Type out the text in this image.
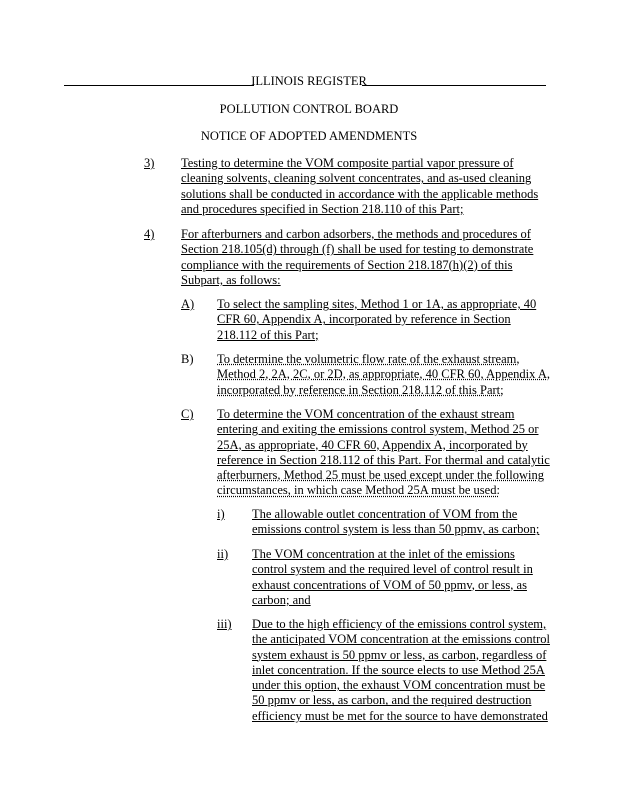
ILLINOIS REGISTER
POLLUTION CONTROL BOARD
NOTICE OF ADOPTED AMENDMENTS
3) Testing to determine the VOM composite partial vapor pressure of
cleaning solvents, cleaning solvent concentrates, and as-used cleaning
solutions shall be conducted in accordance with the applicable methods
and procedures specified in Section 218.110 of this Part;
4) For afterburners and carbon adsorbers, the methods and procedures of
Section 218.105(d) through (f) shall be used for testing to demonstrate
compliance with the requirements of Section 218.187(h)(2) of this
Subpart, as follows:
A) To select the sampling sites, Method 1 or 1A, as appropriate, 40
CFR 60, Appendix A, incorporated by reference in Section
218.112 of this Part;
B) To determine the volumetric flow rate of the exhaust stream,
Method 2, 2A, 2C, or 2D, as appropriate, 40 CFR 60, Appendix A,
incorporated by reference in Section 218.112 of this Part;
C) To determine the VOM concentration of the exhaust stream
entering and exiting the emissions control system, Method 25 or
25A, as appropriate, 40 CFR 60, Appendix A, incorporated by
reference in Section 218.112 of this Part. For thermal and catalytic
afterburners, Method 25 must be used except under the following
circumstances, in which case Method 25A must be used:
i) The allowable outlet concentration of VOM from the
emissions control system is less than 50 ppmv, as carbon;
ii) The VOM concentration at the inlet of the emissions
control system and the required level of control result in
exhaust concentrations of VOM of 50 ppmv, or less, as
carbon; and
iii) Due to the high efficiency of the emissions control system,
the anticipated VOM concentration at the emissions control
system exhaust is 50 ppmv or less, as carbon, regardless of
inlet concentration. If the source elects to use Method 25A
under this option, the exhaust VOM concentration must be
50 ppmv or less, as carbon, and the required destruction
efficiency must be met for the source to have demonstrated
